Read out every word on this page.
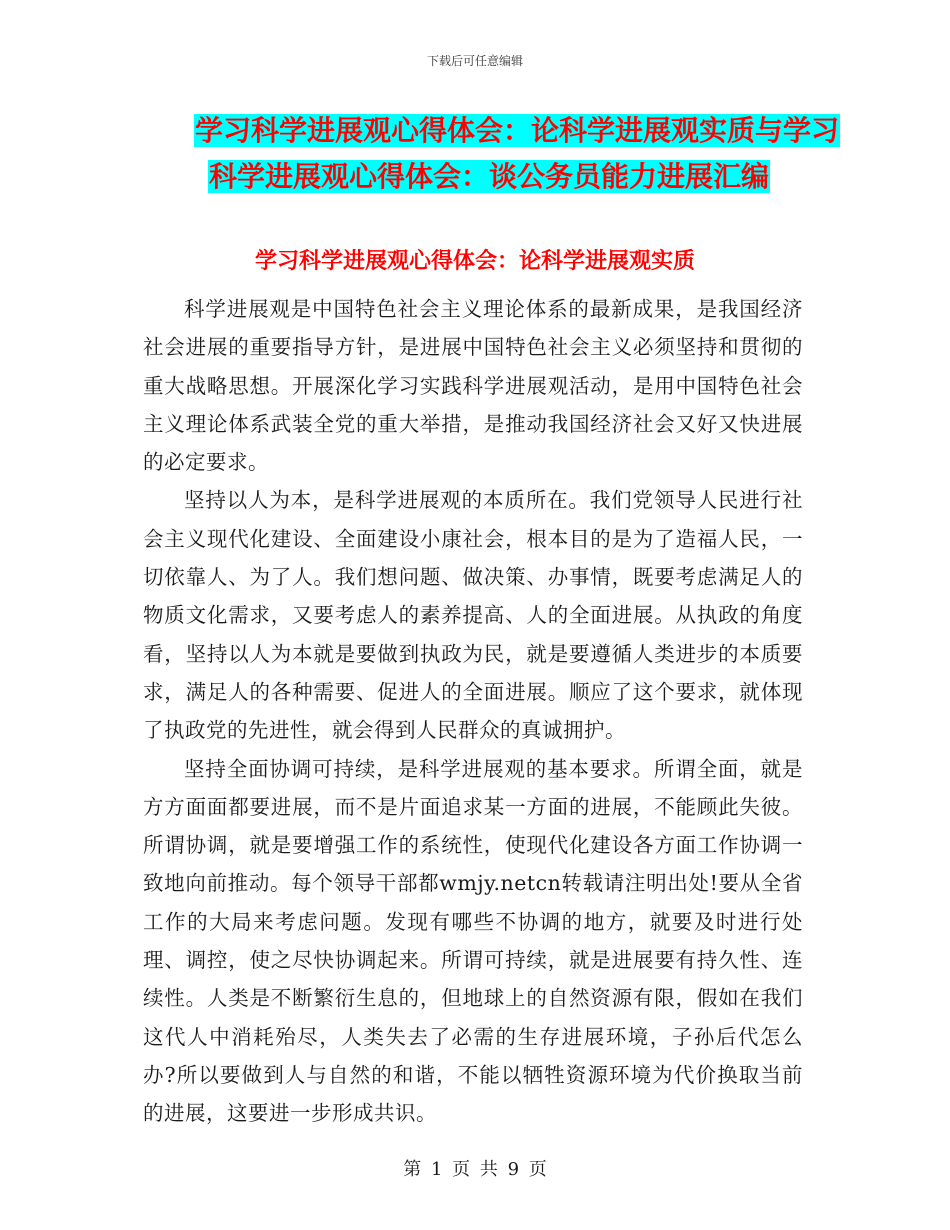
下载后可任意编辑
学习科学进展观心得体会：论科学进展观实质与学习
科学进展观心得体会：谈公务员能力进展汇编
学习科学进展观心得体会：论科学进展观实质

科学进展观是中国特色社会主义理论体系的最新成果，是我国经济社会进展的重要指导方针，是进展中国特色社会主义必须坚持和贯彻的重大战略思想。开展深化学习实践科学进展观活动，是用中国特色社会主义理论体系武装全党的重大举措，是推动我国经济社会又好又快进展的必定要求。

坚持以人为本，是科学进展观的本质所在。我们党领导人民进行社会主义现代化建设、全面建设小康社会，根本目的是为了造福人民，一切依靠人、为了人。我们想问题、做决策、办事情，既要考虑满足人的物质文化需求，又要考虑人的素养提高、人的全面进展。从执政的角度看，坚持以人为本就是要做到执政为民，就是要遵循人类进步的本质要求，满足人的各种需要、促进人的全面进展。顺应了这个要求，就体现了执政党的先进性，就会得到人民群众的真诚拥护。

坚持全面协调可持续，是科学进展观的基本要求。所谓全面，就是方方面面都要进展，而不是片面追求某一方面的进展，不能顾此失彼。所谓协调，就是要增强工作的系统性，使现代化建设各方面工作协调一致地向前推动。每个领导干部都wmjy.netcn转载请注明出处!要从全省工作的大局来考虑问题。发现有哪些不协调的地方，就要及时进行处理、调控，使之尽快协调起来。所谓可持续，就是进展要有持久性、连续性。人类是不断繁衍生息的，但地球上的自然资源有限，假如在我们这代人中消耗殆尽，人类失去了必需的生存进展环境，子孙后代怎么办?所以要做到人与自然的和谐，不能以牺牲资源环境为代价换取当前的进展，这要进一步形成共识。

第 1 页 共 9 页
